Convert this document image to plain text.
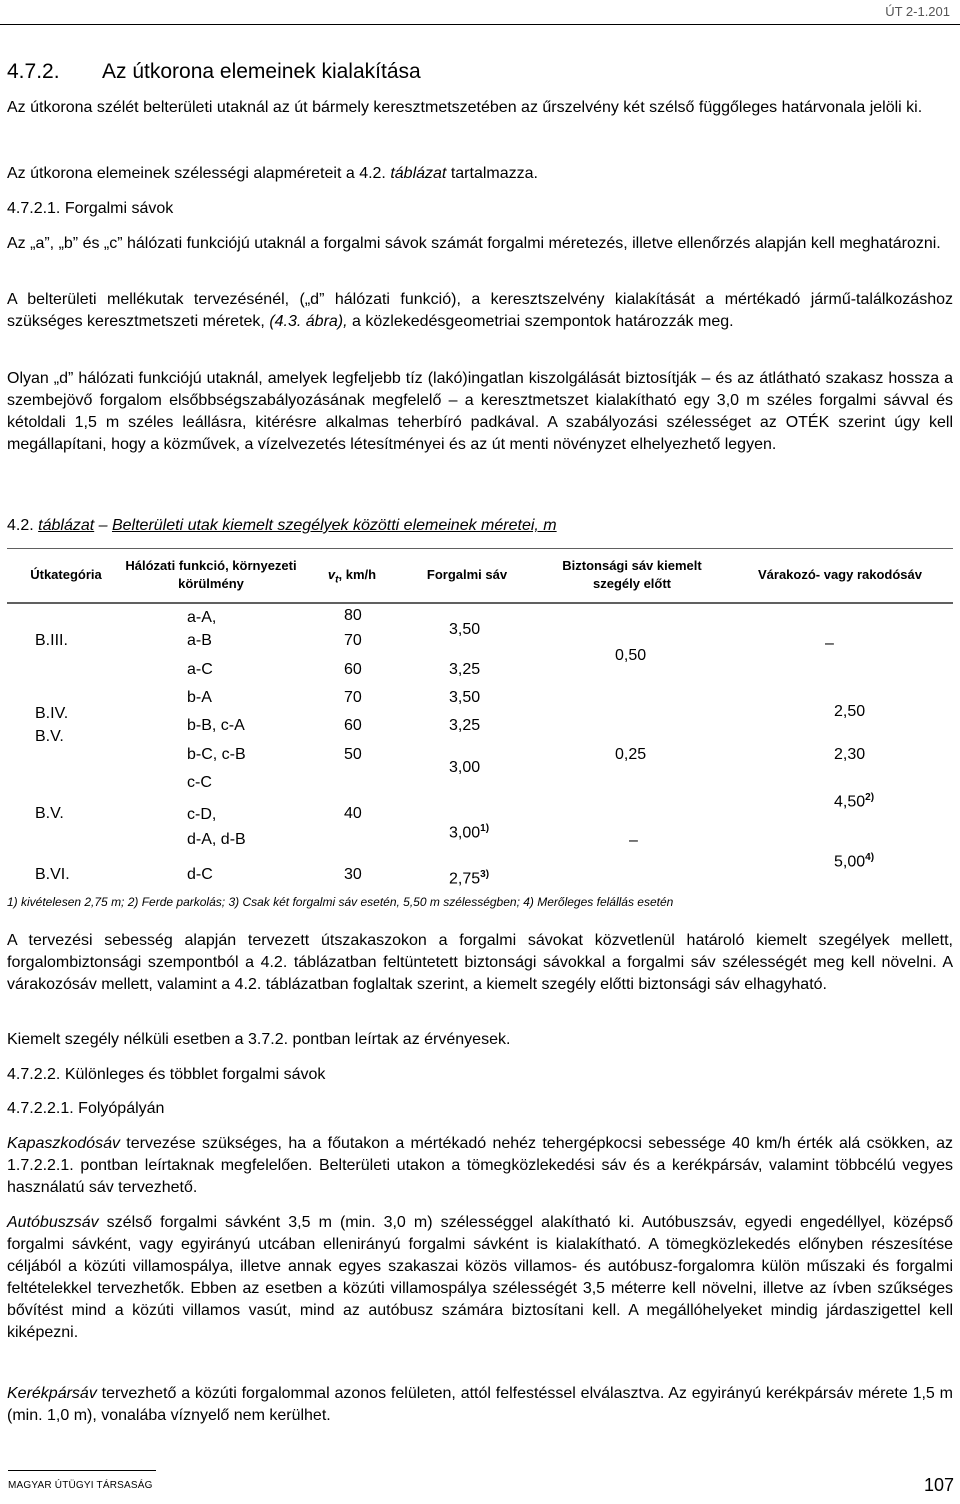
ÚT 2-1.201
4.7.2. Az útkorona elemeinek kialakítása

Az útkorona szélét belterületi utaknál az út bármely keresztmetszetében az űrszelvény két szélső függőleges határvonala jelöli ki.

Az útkorona elemeinek szélességi alapméreteit a 4.2. táblázat tartalmazza.

4.7.2.1. Forgalmi sávok

Az „a”, „b” és „c” hálózati funkciójú utaknál a forgalmi sávok számát forgalmi méretezés, illetve ellenőrzés alapján kell meghatározni.

A belterületi mellékutak tervezésénél, („d” hálózati funkció), a keresztszelvény kialakítását a mértékadó jármű-találkozáshoz szükséges keresztmetszeti méretek, (4.3. ábra), a közlekedésgeometriai szempontok határozzák meg.

Olyan „d” hálózati funkciójú utaknál, amelyek legfeljebb tíz (lakó)ingatlan kiszolgálását biztosítják – és az átlátható szakasz hossza a szembejövő forgalom elsőbbségszabályozásának megfelelő – a keresztmetszet kialakítható egy 3,0 m széles forgalmi sávval és kétoldali 1,5 m széles leállásra, kitérésre alkalmas teherbíró padkával. A szabályozási szélességet az OTÉK szerint úgy kell megállapítani, hogy a közművek, a vízelvezetés létesítményei és az út menti növényzet elhelyezhető legyen.

4.2. táblázat – Belterületi utak kiemelt szegélyek közötti elemeinek méretei, m
Útkategória
Hálózati funkció, környezeti körülmény
$v_t$, km/h	Forgalmi sáv
Biztonsági sáv kiemelt szegély előtt
Várakozó- vagy rakodósáv
B.III.
B.IV.
B.V.
B.V.
B.VI.
a-A,
a-B
a-C
b-A
b-B, c-A
b-C, c-B
c-C
c-D,
d-A, d-B
d-C
80
70
60
70
60
50
40
30
3,50
3,25
3,50
3,25
3,00
3,00$^{1)}$
2,75$^{3)}$
0,50
0,25
–
–
2,50
2,30
4,50$^{2)}$
5,00$^{4)}$
1) kivételesen 2,75 m; 2) Ferde parkolás; 3) Csak két forgalmi sáv esetén, 5,50 m szélességben; 4) Merőleges felállás esetén

A tervezési sebesség alapján tervezett útszakaszokon a forgalmi sávokat közvetlenül határoló kiemelt szegélyek mellett, forgalombiztonsági szempontból a 4.2. táblázatban feltüntetett biztonsági sávokkal a forgalmi sáv szélességét meg kell növelni. A várakozósáv mellett, valamint a 4.2. táblázatban foglaltak szerint, a kiemelt szegély előtti biztonsági sáv elhagyható.

Kiemelt szegély nélküli esetben a 3.7.2. pontban leírtak az érvényesek.

4.7.2.2. Különleges és többlet forgalmi sávok
4.7.2.2.1. Folyópályán

Kapaszkodósáv tervezése szükséges, ha a főutakon a mértékadó nehéz tehergépkocsi sebessége 40 km/h érték alá csökken, az 1.7.2.2.1. pontban leírtaknak megfelelően. Belterületi utakon a tömegközlekedési sáv és a kerékpársáv, valamint többcélú vegyes használatú sáv tervezhető.

Autóbuszsáv szélső forgalmi sávként 3,5 m (min. 3,0 m) szélességgel alakítható ki. Autóbuszsáv, egyedi engedéllyel, középső forgalmi sávként, vagy egyirányú utcában ellenirányú forgalmi sávként is kialakítható. A tömegközlekedés előnyben részesítése céljából a közúti villamospálya, illetve annak egyes szakaszai közös villamos- és autóbusz-forgalomra külön műszaki és forgalmi feltételekkel tervezhetők. Ebben az esetben a közúti villamospálya szélességét 3,5 méterre kell növelni, illetve az ívben szűkséges bővítést mind a közúti villamos vasút, mind az autóbusz számára biztosítani kell. A megállóhelyeket mindig járdaszigettel kell kiképezni.

Kerékpársáv tervezhető a közúti forgalommal azonos felületen, attól felfestéssel elválasztva. Az egyirányú kerékpársáv mérete 1,5 m (min. 1,0 m), vonalába víznyelő nem kerülhet.

MAGYAR ÚTÜGYI TÁRSASÁG	107
